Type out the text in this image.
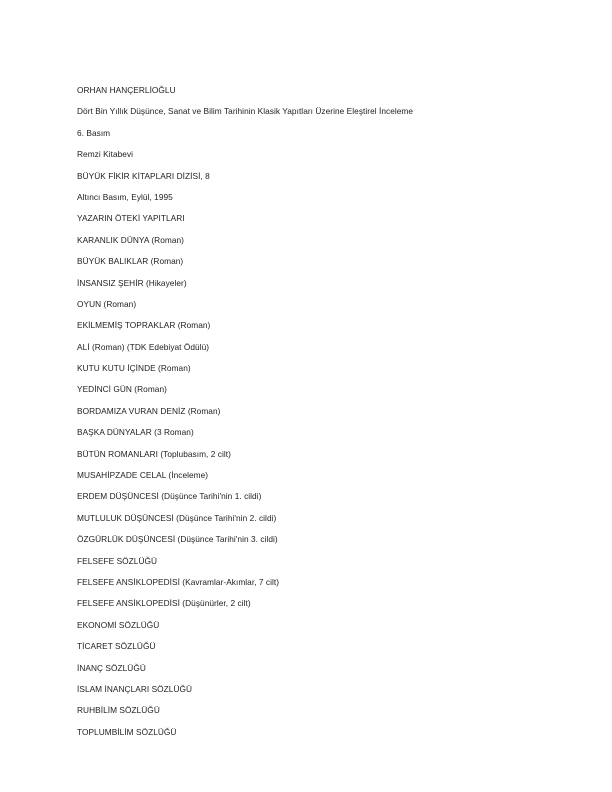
ORHAN HANÇERLİOĞLU
Dört Bin Yıllık Düşünce, Sanat ve Bilim Tarihinin Klasik Yapıtları Üzerine Eleştirel İnceleme
6. Basım
Remzi Kitabevi
BÜYÜK FİKİR KİTAPLARI DİZİSİ, 8
Altıncı Basım, Eylül, 1995
YAZARIN ÖTEKİ YAPITLARI
KARANLIK DÜNYA (Roman)
BÜYÜK BALIKLAR (Roman)
İNSANSIZ ŞEHİR (Hikayeler)
OYUN (Roman)
EKİLMEMİŞ TOPRAKLAR (Roman)
ALİ (Roman) (TDK Edebiyat Ödülü)
KUTU KUTU İÇİNDE (Roman)
YEDİNCİ GÜN (Roman)
BORDAMIZA VURAN DENİZ (Roman)
BAŞKA DÜNYALAR (3 Roman)
BÜTÜN ROMANLARI (Toplubasım, 2 cilt)
MUSAHİPZADE CELAL (İnceleme)
ERDEM DÜŞÜNCESİ (Düşünce Tarihi'nin 1. cildi)
MUTLULUK DÜŞÜNCESİ (Düşünce Tarihi'nin 2. cildi)
ÖZGÜRLÜK DÜŞÜNCESİ (Düşünce Tarihi'nin 3. cildi)
FELSEFE SÖZLÜĞÜ
FELSEFE ANSİKLOPEDİSİ (Kavramlar-Akımlar, 7 cilt)
FELSEFE ANSİKLOPEDİSİ (Düşünürler, 2 cilt)
EKONOMİ SÖZLÜĞÜ
TİCARET SÖZLÜĞÜ
İNANÇ SÖZLÜĞÜ
İSLAM İNANÇLARI SÖZLÜĞÜ
RUHBİLİM SÖZLÜĞÜ
TOPLUMBİLİM SÖZLÜĞÜ
